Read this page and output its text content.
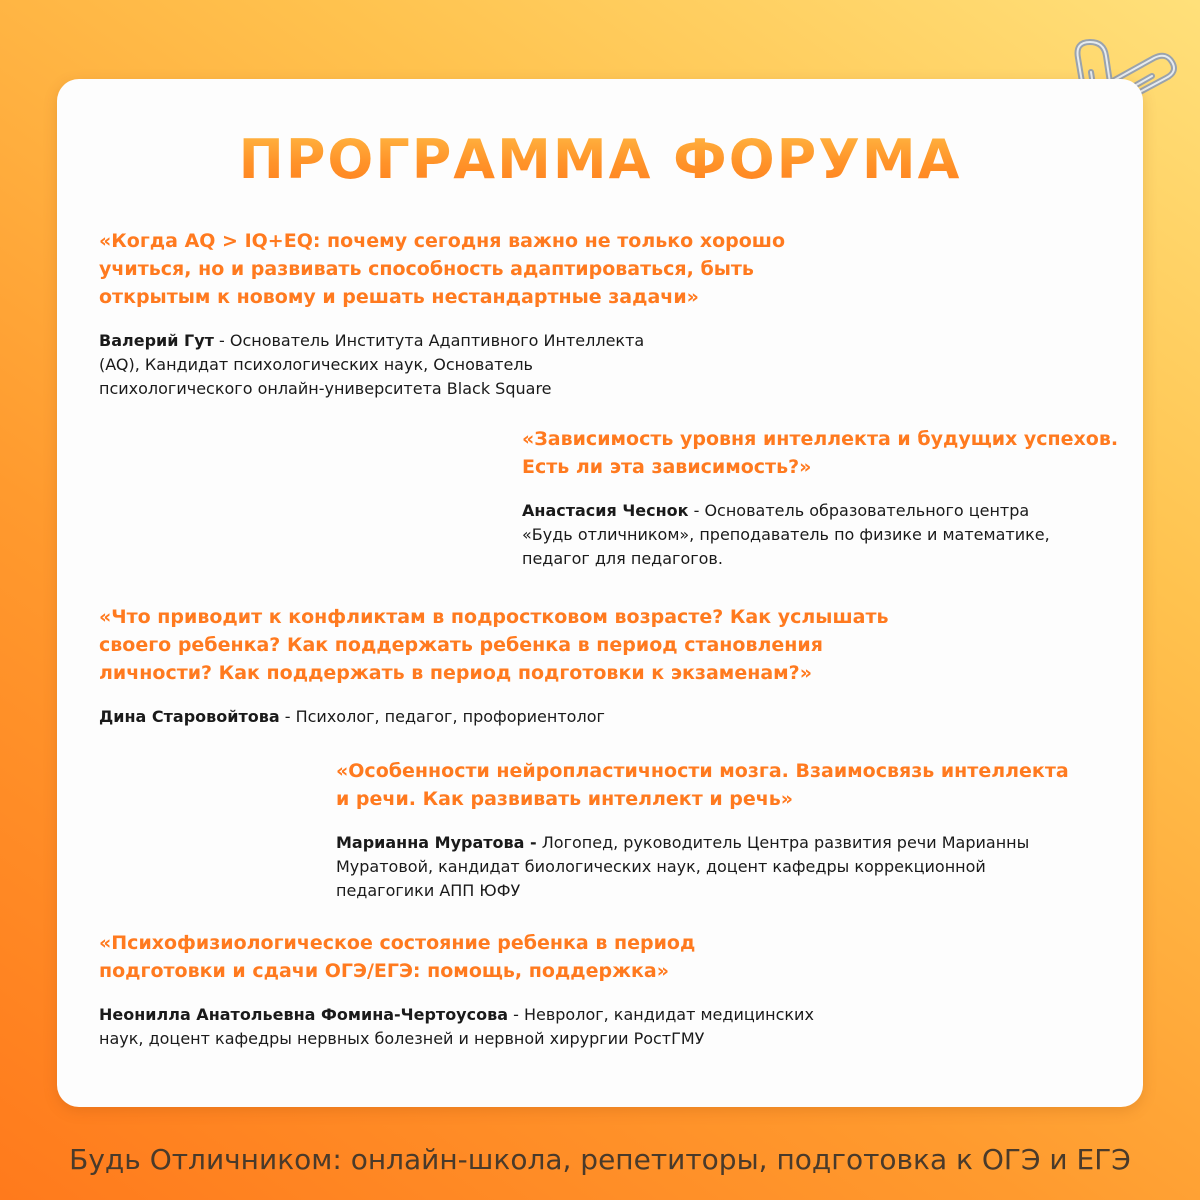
ПРОГРАММА ФОРУМА

«Когда AQ > IQ+EQ: почему сегодня важно не только хорошо
учиться, но и развивать способность адаптироваться, быть
открытым к новому и решать нестандартные задачи»

Валерий Гут - Основатель Института Адаптивного Интеллекта
(AQ), Кандидат психологических наук, Основатель
психологического онлайн-университета Black Square

«Зависимость уровня интеллекта и будущих успехов.
Есть ли эта зависимость?»

Анастасия Чеснок - Основатель образовательного центра
«Будь отличником», преподаватель по физике и математике,
педагог для педагогов.

«Что приводит к конфликтам в подростковом возрасте? Как услышать
своего ребенка? Как поддержать ребенка в период становления
личности? Как поддержать в период подготовки к экзаменам?»

Дина Старовойтова - Психолог, педагог, профориентолог

«Особенности нейропластичности мозга. Взаимосвязь интеллекта
и речи. Как развивать интеллект и речь»

Марианна Муратова - Логопед, руководитель Центра развития речи Марианны
Муратовой, кандидат биологических наук, доцент кафедры коррекционной
педагогики АПП ЮФУ

«Психофизиологическое состояние ребенка в период
подготовки и сдачи ОГЭ/ЕГЭ: помощь, поддержка»

Неонилла Анатольевна Фомина-Чертоусова - Невролог, кандидат медицинских
наук, доцент кафедры нервных болезней и нервной хирургии РостГМУ

Будь Отличником: онлайн-школа, репетиторы, подготовка к ОГЭ и ЕГЭ
